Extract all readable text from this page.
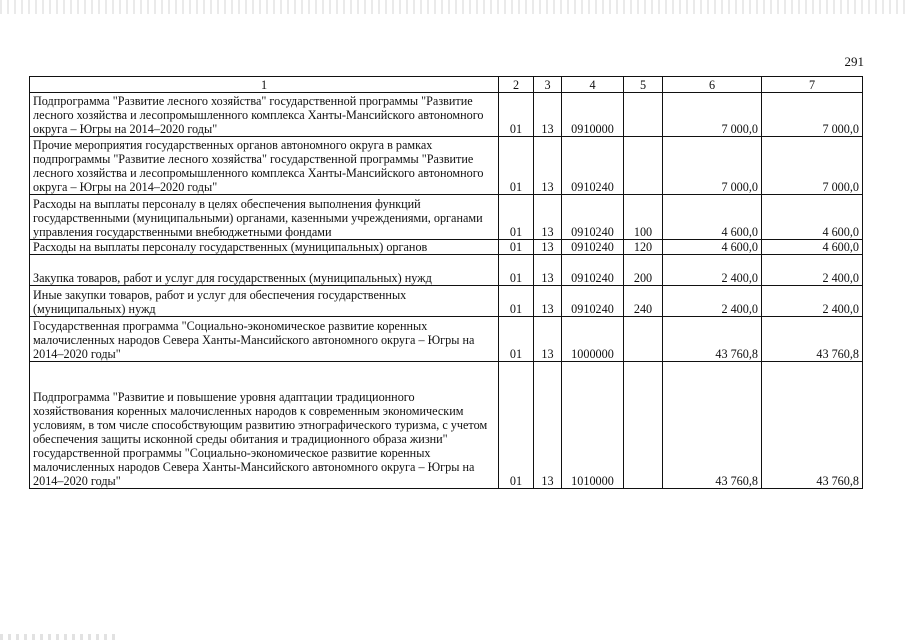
291
1	2	3	4	5	6	7
Подпрограмма "Развитие лесного хозяйства" государственной программы "Развитие лесного хозяйства и лесопромышленного комплекса Ханты-Мансийского автономного округа – Югры на 2014–2020 годы"	01	13	0910000		7 000,0	7 000,0
Прочие мероприятия государственных органов автономного округа в рамках подпрограммы "Развитие лесного хозяйства" государственной программы "Развитие лесного хозяйства и лесопромышленного комплекса Ханты-Мансийского автономного округа – Югры на 2014–2020 годы"	01	13	0910240		7 000,0	7 000,0
Расходы на выплаты персоналу в целях обеспечения выполнения функций государственными (муниципальными) органами, казенными учреждениями, органами управления государственными внебюджетными фондами	01	13	0910240	100	4 600,0	4 600,0
Расходы на выплаты персоналу государственных (муниципальных) органов	01	13	0910240	120	4 600,0	4 600,0
Закупка товаров, работ и услуг для государственных (муниципальных) нужд	01	13	0910240	200	2 400,0	2 400,0
Иные закупки товаров, работ и услуг для обеспечения государственных (муниципальных) нужд	01	13	0910240	240	2 400,0	2 400,0
Государственная программа "Социально-экономическое развитие коренных малочисленных народов Севера Ханты-Мансийского автономного округа – Югры на 2014–2020 годы"	01	13	1000000		43 760,8	43 760,8
Подпрограмма "Развитие и повышение уровня адаптации традиционного хозяйствования коренных малочисленных народов к современным экономическим условиям, в том числе способствующим развитию этнографического туризма, с учетом обеспечения защиты исконной среды обитания и традиционного образа жизни" государственной программы "Социально-экономическое развитие коренных малочисленных народов Севера Ханты-Мансийского автономного округа – Югры на 2014–2020 годы"	01	13	1010000		43 760,8	43 760,8
